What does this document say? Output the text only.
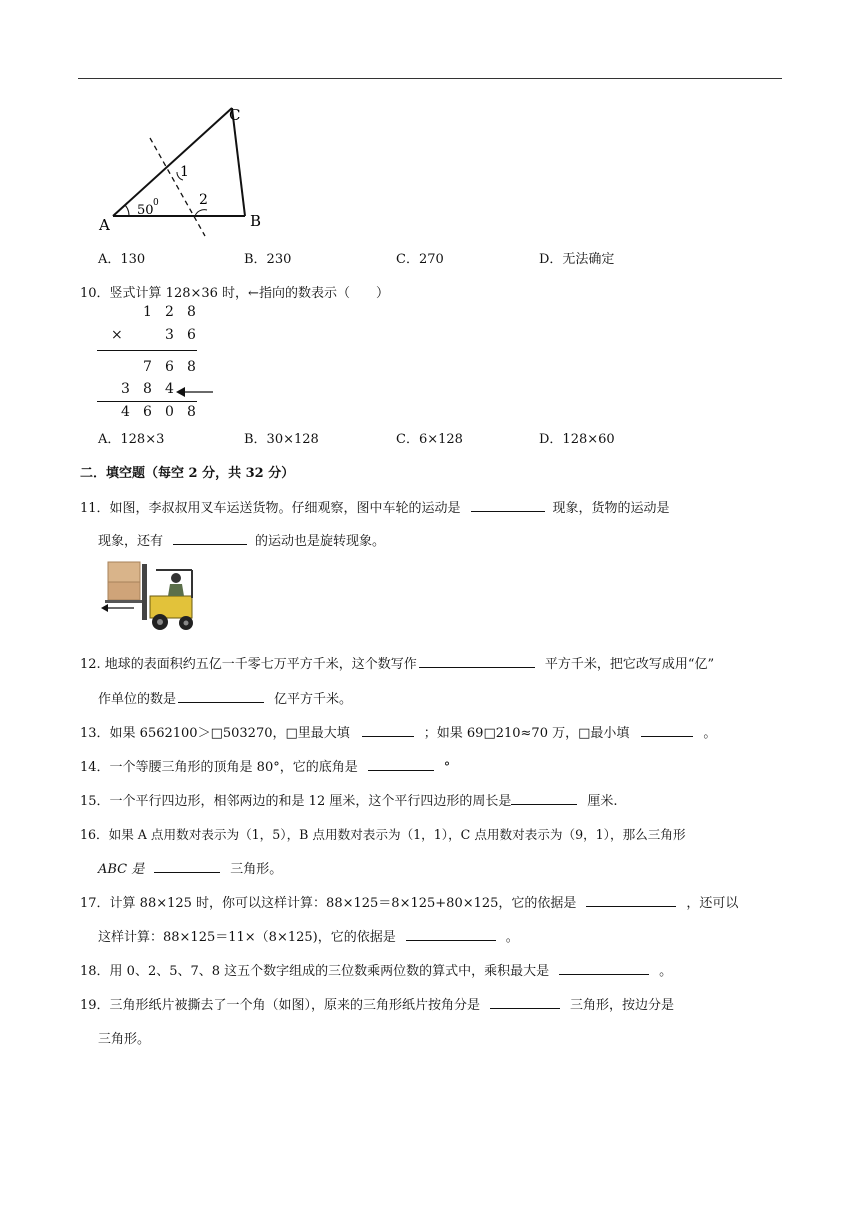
A	B
C
50 0
1
2
A．130	B．230	C．270	D．无法确定
10．竖式计算 128×36 时，←指向的数表示（　　）
1 2 8
×	3 6
7 6 8
3 8 4
4 6 0 8
A．128×3	B．30×128	C．6×128	D．128×60
二．填空题（每空 2 分，共 32 分）
11．如图，李叔叔用叉车运送货物。仔细观察，图中车轮的运动是	现象，货物的运动是
现象，还有	的运动也是旋转现象。
12. 地球的表面积约五亿一千零七万平方千米，这个数写作	平方千米，把它改写成用“亿”
作单位的数是	亿平方千米。
13．如果 6562100＞□503270，□里最大填	；如果 69□210≈70 万，□最小填	。
14．一个等腰三角形的顶角是 80°，它的底角是	°
15．一个平行四边形，相邻两边的和是 12 厘米，这个平行四边形的周长是	厘米.
16．如果 A 点用数对表示为（1，5），B 点用数对表示为（1，1），C 点用数对表示为（9，1），那么三角形
ABC 是	三角形。
17．计算 88×125 时，你可以这样计算：88×125＝8×125+80×125，它的依据是	，还可以
这样计算：88×125＝11×（8×125)，它的依据是	。
18．用 0、2、5、7、8 这五个数字组成的三位数乘两位数的算式中，乘积最大是	。
19．三角形纸片被撕去了一个角（如图），原来的三角形纸片按角分是	三角形，按边分是
三角形。
